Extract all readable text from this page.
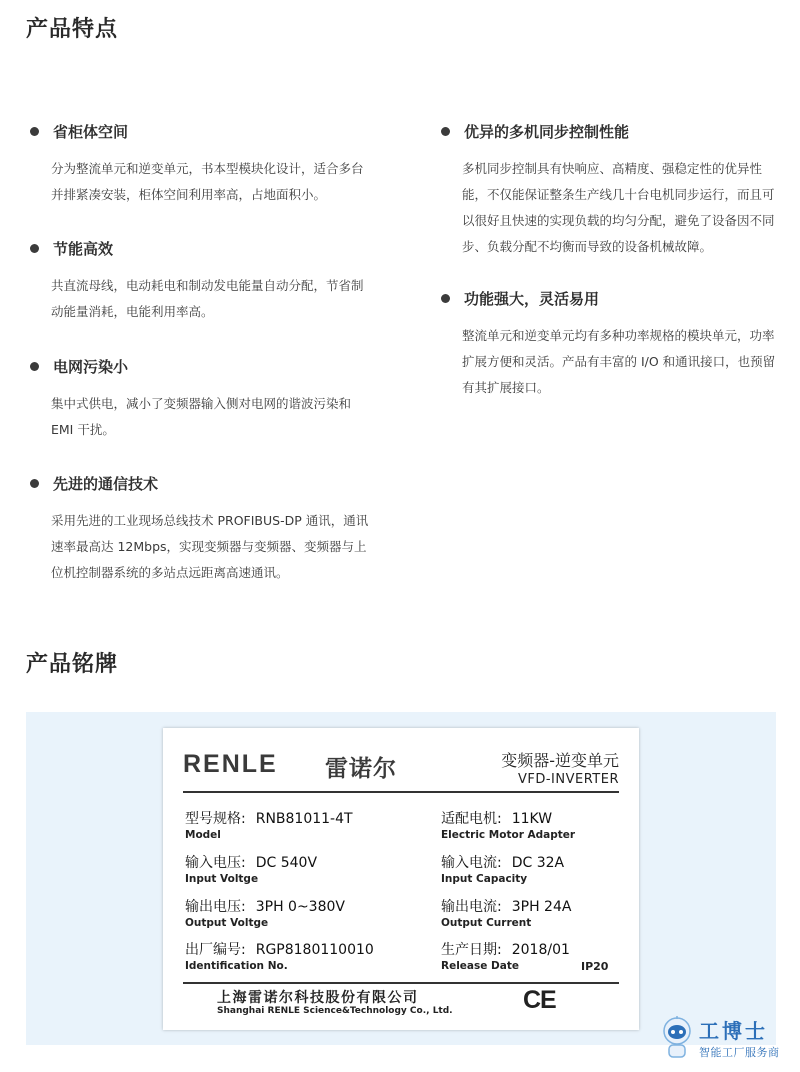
产品特点
省柜体空间
分为整流单元和逆变单元，书本型模块化设计，适合多台并排紧凑安装，柜体空间利用率高，占地面积小。
节能高效
共直流母线，电动耗电和制动发电能量自动分配，节省制动能量消耗，电能利用率高。
电网污染小
集中式供电，减小了变频器输入侧对电网的谐波污染和 EMI 干扰。
先进的通信技术
采用先进的工业现场总线技术 PROFIBUS-DP 通讯，通讯速率最高达 12Mbps，实现变频器与变频器、变频器与上位机控制器系统的多站点远距离高速通讯。
优异的多机同步控制性能
多机同步控制具有快响应、高精度、强稳定性的优异性能，不仅能保证整条生产线几十台电机同步运行，而且可以很好且快速的实现负载的均匀分配，避免了设备因不同步、负载分配不均衡而导致的设备机械故障。
功能强大，灵活易用
整流单元和逆变单元均有多种功率规格的模块单元，功率扩展方便和灵活。产品有丰富的 I/O 和通讯接口，也预留有其扩展接口。
产品铭牌
RENLE 雷诺尔	变频器-逆变单元
VFD-INVERTER
型号规格: RNB81011-4T
Model
适配电机: 11KW
Electric Motor Adapter
输入电压: DC 540V
Input Voltge
输入电流: DC 32A
Input Capacity
输出电压: 3PH 0~380V
Output Voltge
输出电流: 3PH 24A
Output Current
出厂编号: RGP8180110010
Identification No.
生产日期: 2018/01
Release Date	IP20
上海雷诺尔科技股份有限公司
Shanghai RENLE Science&Technology Co., Ltd.	CE
工博士
智能工厂服务商
